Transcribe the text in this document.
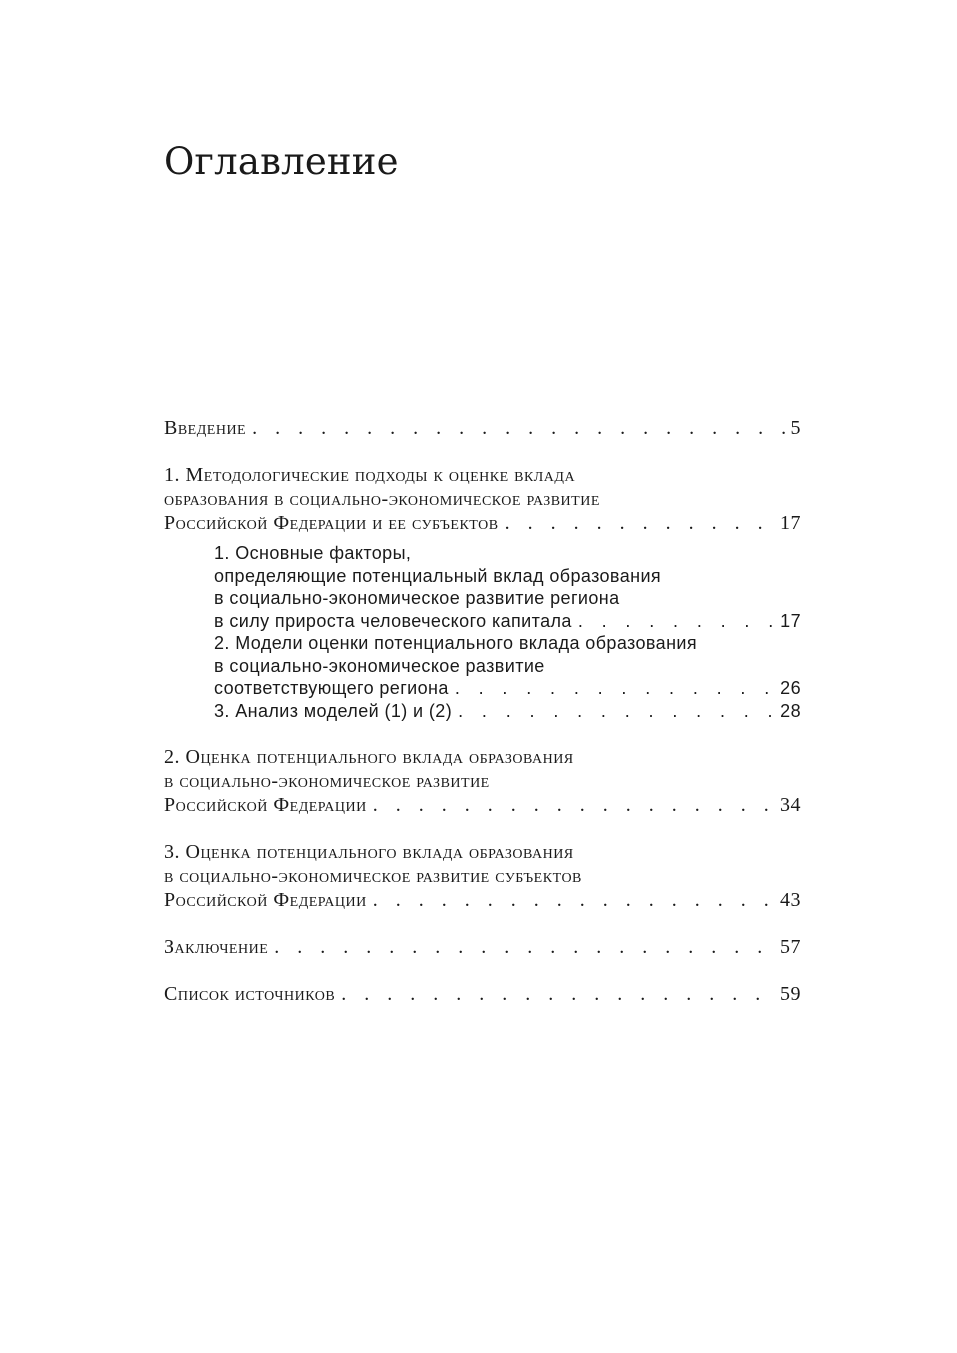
Оглавление
Введение . . .	5
1. Методологические подходы к оценке вклада
образования в социально-экономическое развитие
Российской Федерации и ее субъектов . . .	17
1. Основные факторы,
определяющие потенциальный вклад образования
в социально-экономическое развитие региона
в силу прироста человеческого капитала . . .	17
2. Модели оценки потенциального вклада образования
в социально-экономическое развитие
соответствующего региона . . .	26
3. Анализ моделей (1) и (2) . . .	28
2. Оценка потенциального вклада образования
в социально-экономическое развитие
Российской Федерации . . .	34
3. Оценка потенциального вклада образования
в социально-экономическое развитие субъектов
Российской Федерации . . .	43
Заключение . . .	57
Список источников . . .	59
